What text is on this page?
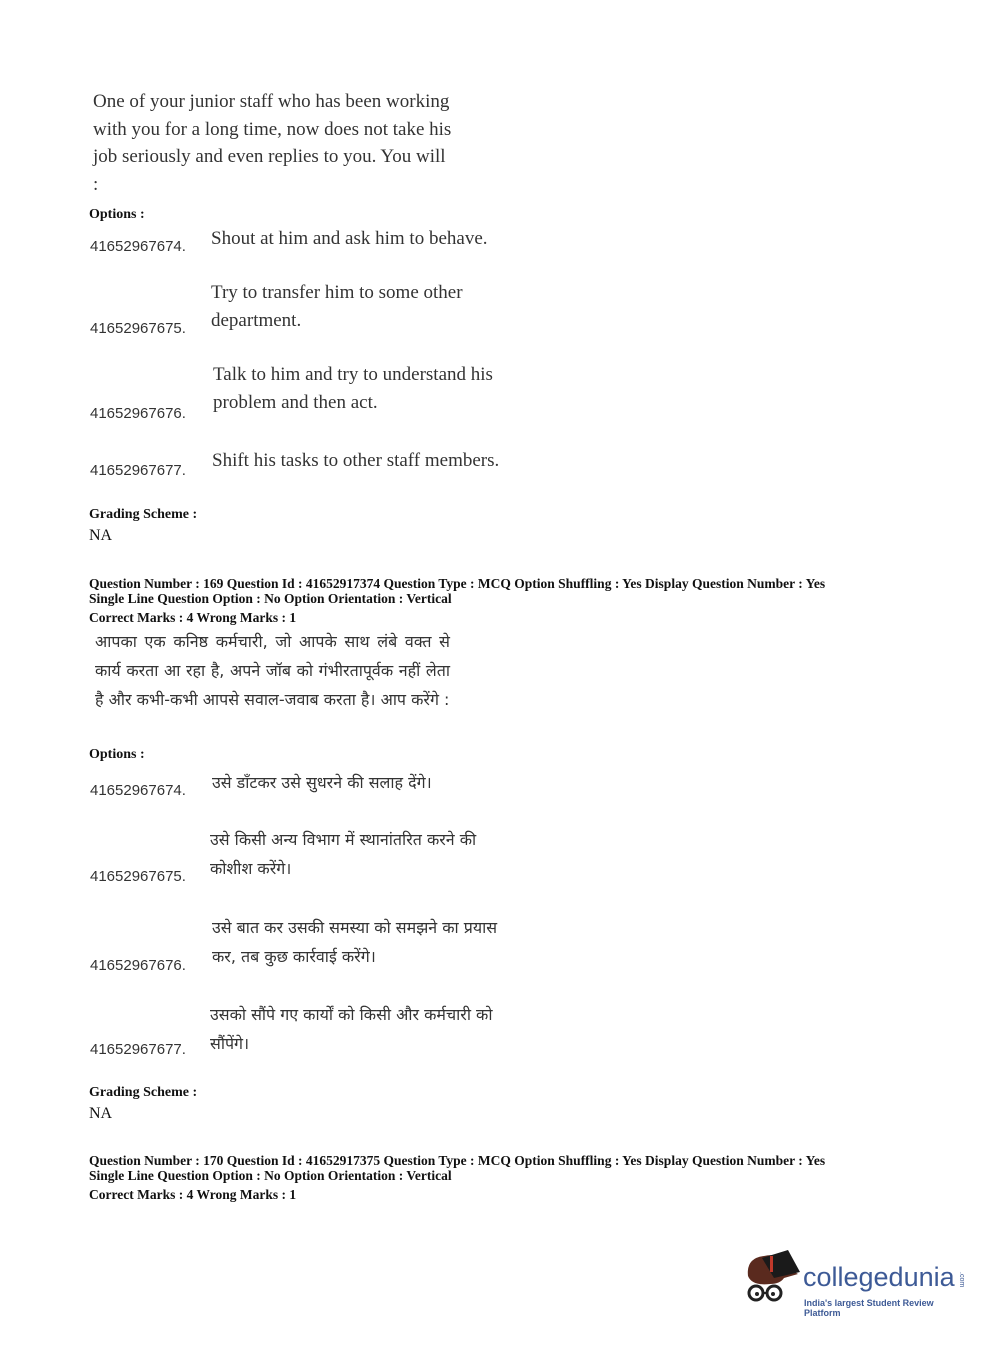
One of your junior staff who has been working with you for a long time, now does not take his job seriously and even replies to you. You will :
Options :
41652967674. Shout at him and ask him to behave.
41652967675.
Try to transfer him to some other department.
41652967676.
Talk to him and try to understand his problem and then act.
41652967677. Shift his tasks to other staff members.
Grading Scheme :
NA
Question Number : 169 Question Id : 41652917374 Question Type : MCQ Option Shuffling : Yes Display Question Number : Yes
Single Line Question Option : No Option Orientation : Vertical
Correct Marks : 4 Wrong Marks : 1
आपका एक कनिष्ठ कर्मचारी, जो आपके साथ लंबे वक्त से कार्य करता आ रहा है, अपने जॉब को गंभीरतापूर्वक नहीं लेता है और कभी-कभी आपसे सवाल-जवाब करता है। आप करेंगे :
Options :
41652967674. उसे डाँटकर उसे सुधरने की सलाह देंगे।
41652967675.
उसे किसी अन्य विभाग में स्थानांतरित करने की कोशीश करेंगे।
41652967676.
उसे बात कर उसकी समस्या को समझने का प्रयास कर, तब कुछ कार्रवाई करेंगे।
41652967677.
उसको सौंपे गए कार्यों को किसी और कर्मचारी को सौंपेंगे।
Grading Scheme :
NA
Question Number : 170 Question Id : 41652917375 Question Type : MCQ Option Shuffling : Yes Display Question Number : Yes
Single Line Question Option : No Option Orientation : Vertical
Correct Marks : 4 Wrong Marks : 1
collegedunia .com
India's largest Student Review Platform
